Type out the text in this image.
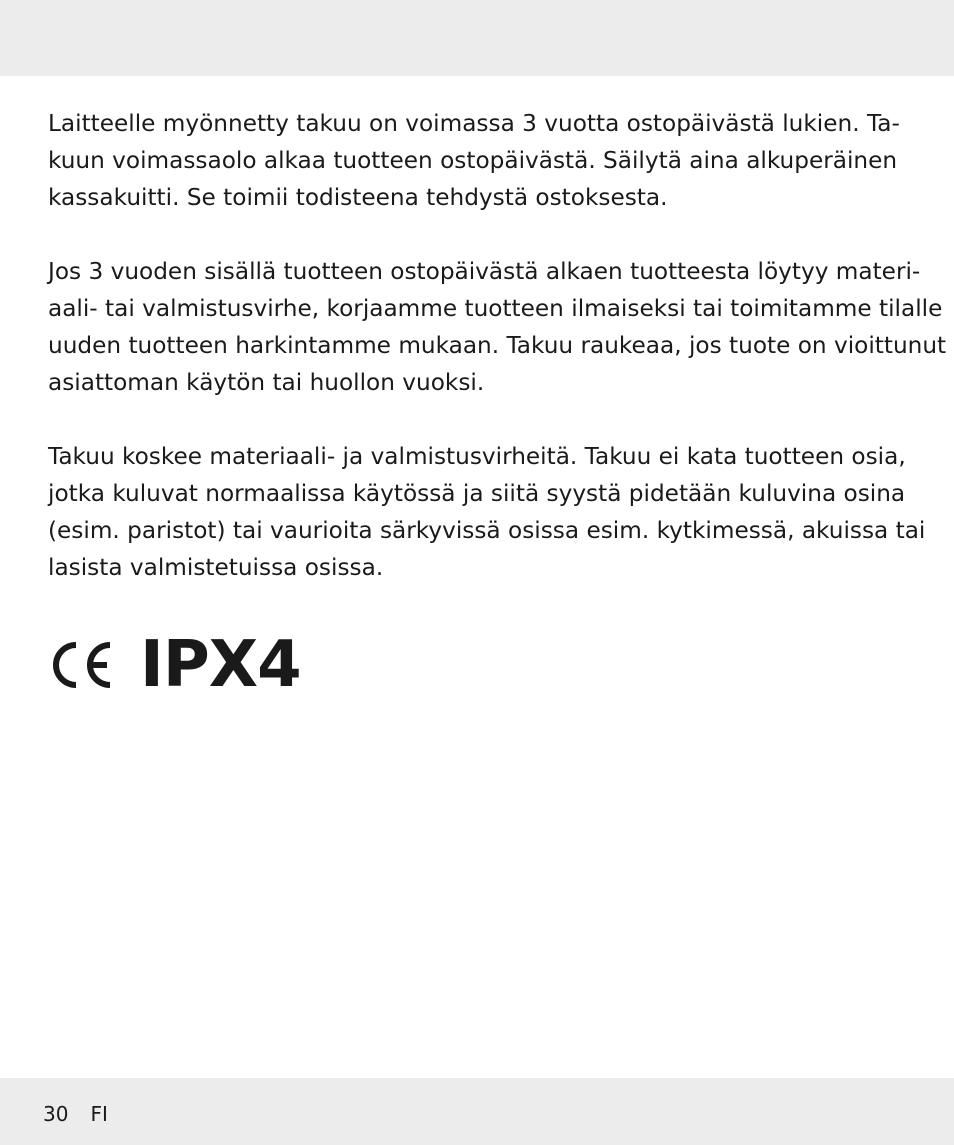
Laitteelle myönnetty takuu on voimassa 3 vuotta ostopäivästä lukien. Ta-
kuun voimassaolo alkaa tuotteen ostopäivästä. Säilytä aina alkuperäinen
kassakuitti. Se toimii todisteena tehdystä ostoksesta.

Jos 3 vuoden sisällä tuotteen ostopäivästä alkaen tuotteesta löytyy materi-
aali- tai valmistusvirhe, korjaamme tuotteen ilmaiseksi tai toimitamme tilalle
uuden tuotteen harkintamme mukaan. Takuu raukeaa, jos tuote on vioittunut
asiattoman käytön tai huollon vuoksi.

Takuu koskee materiaali- ja valmistusvirheitä. Takuu ei kata tuotteen osia,
jotka kuluvat normaalissa käytössä ja siitä syystä pidetään kuluvina osina
(esim. paristot) tai vaurioita särkyvissä osissa esim. kytkimessä, akuissa tai
lasista valmistetuissa osissa.

IPX4
30 FI
